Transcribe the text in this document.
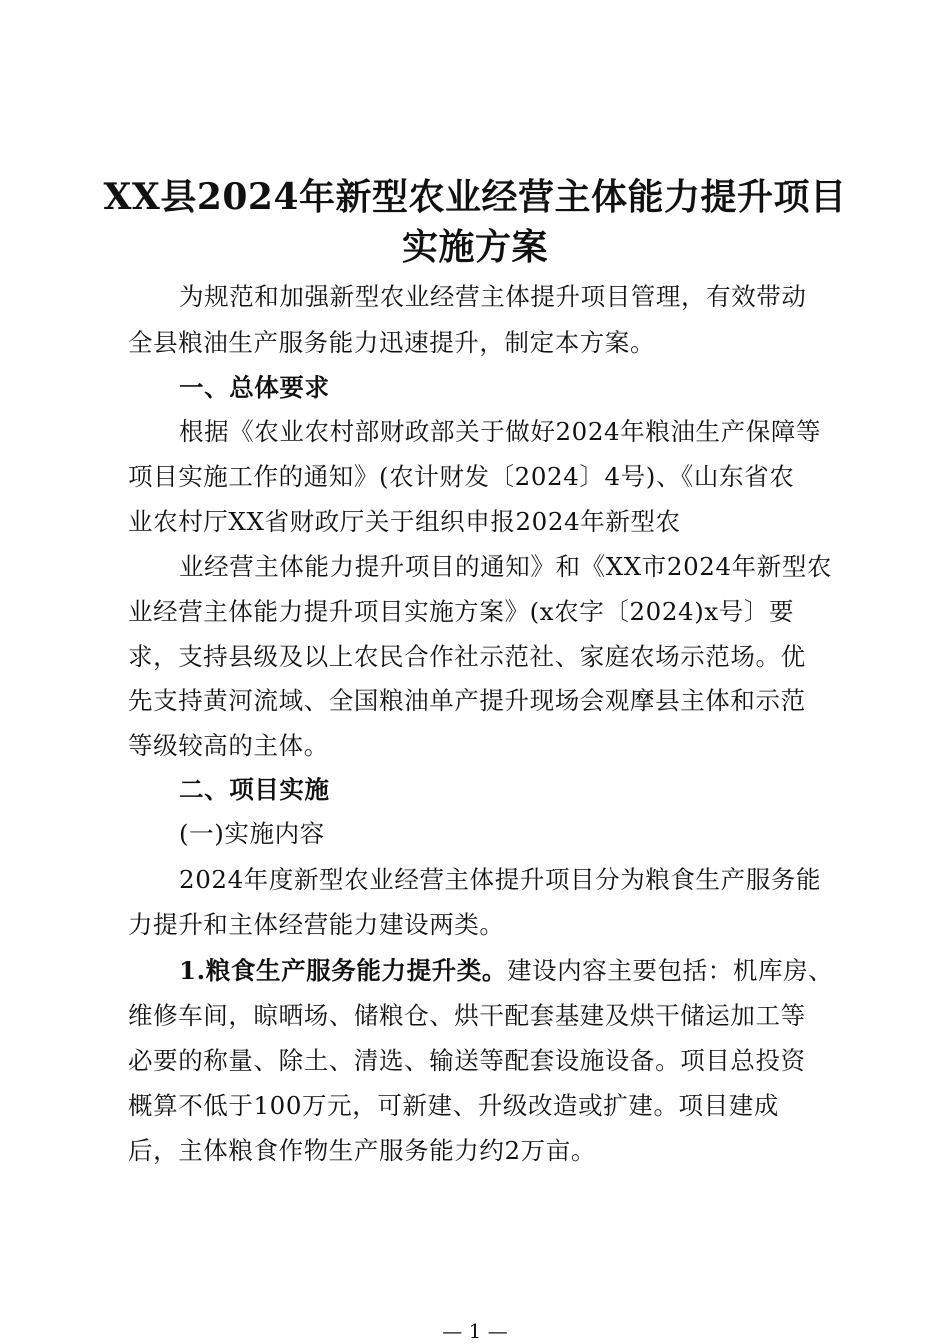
XX县2024年新型农业经营主体能力提升项目
实施方案

为规范和加强新型农业经营主体提升项目管理，有效带动

全县粮油生产服务能力迅速提升，制定本方案。

一、总体要求

根据《农业农村部财政部关于做好2024年粮油生产保障等

项目实施工作的通知》(农计财发〔2024〕4号)、《山东省农

业农村厅XX省财政厅关于组织申报2024年新型农

业经营主体能力提升项目的通知》和《XX市2024年新型农

业经营主体能力提升项目实施方案》(x农字〔2024)x号〕要

求，支持县级及以上农民合作社示范社、家庭农场示范场。优

先支持黄河流域、全国粮油单产提升现场会观摩县主体和示范

等级较高的主体。

二、项目实施

(一)实施内容

2024年度新型农业经营主体提升项目分为粮食生产服务能

力提升和主体经营能力建设两类。

1.粮食生产服务能力提升类。建设内容主要包括：机库房、

维修车间，晾晒场、储粮仓、烘干配套基建及烘干储运加工等

必要的称量、除土、清选、输送等配套设施设备。项目总投资

概算不低于100万元，可新建、升级改造或扩建。项目建成

后，主体粮食作物生产服务能力约2万亩。

— 1 —
